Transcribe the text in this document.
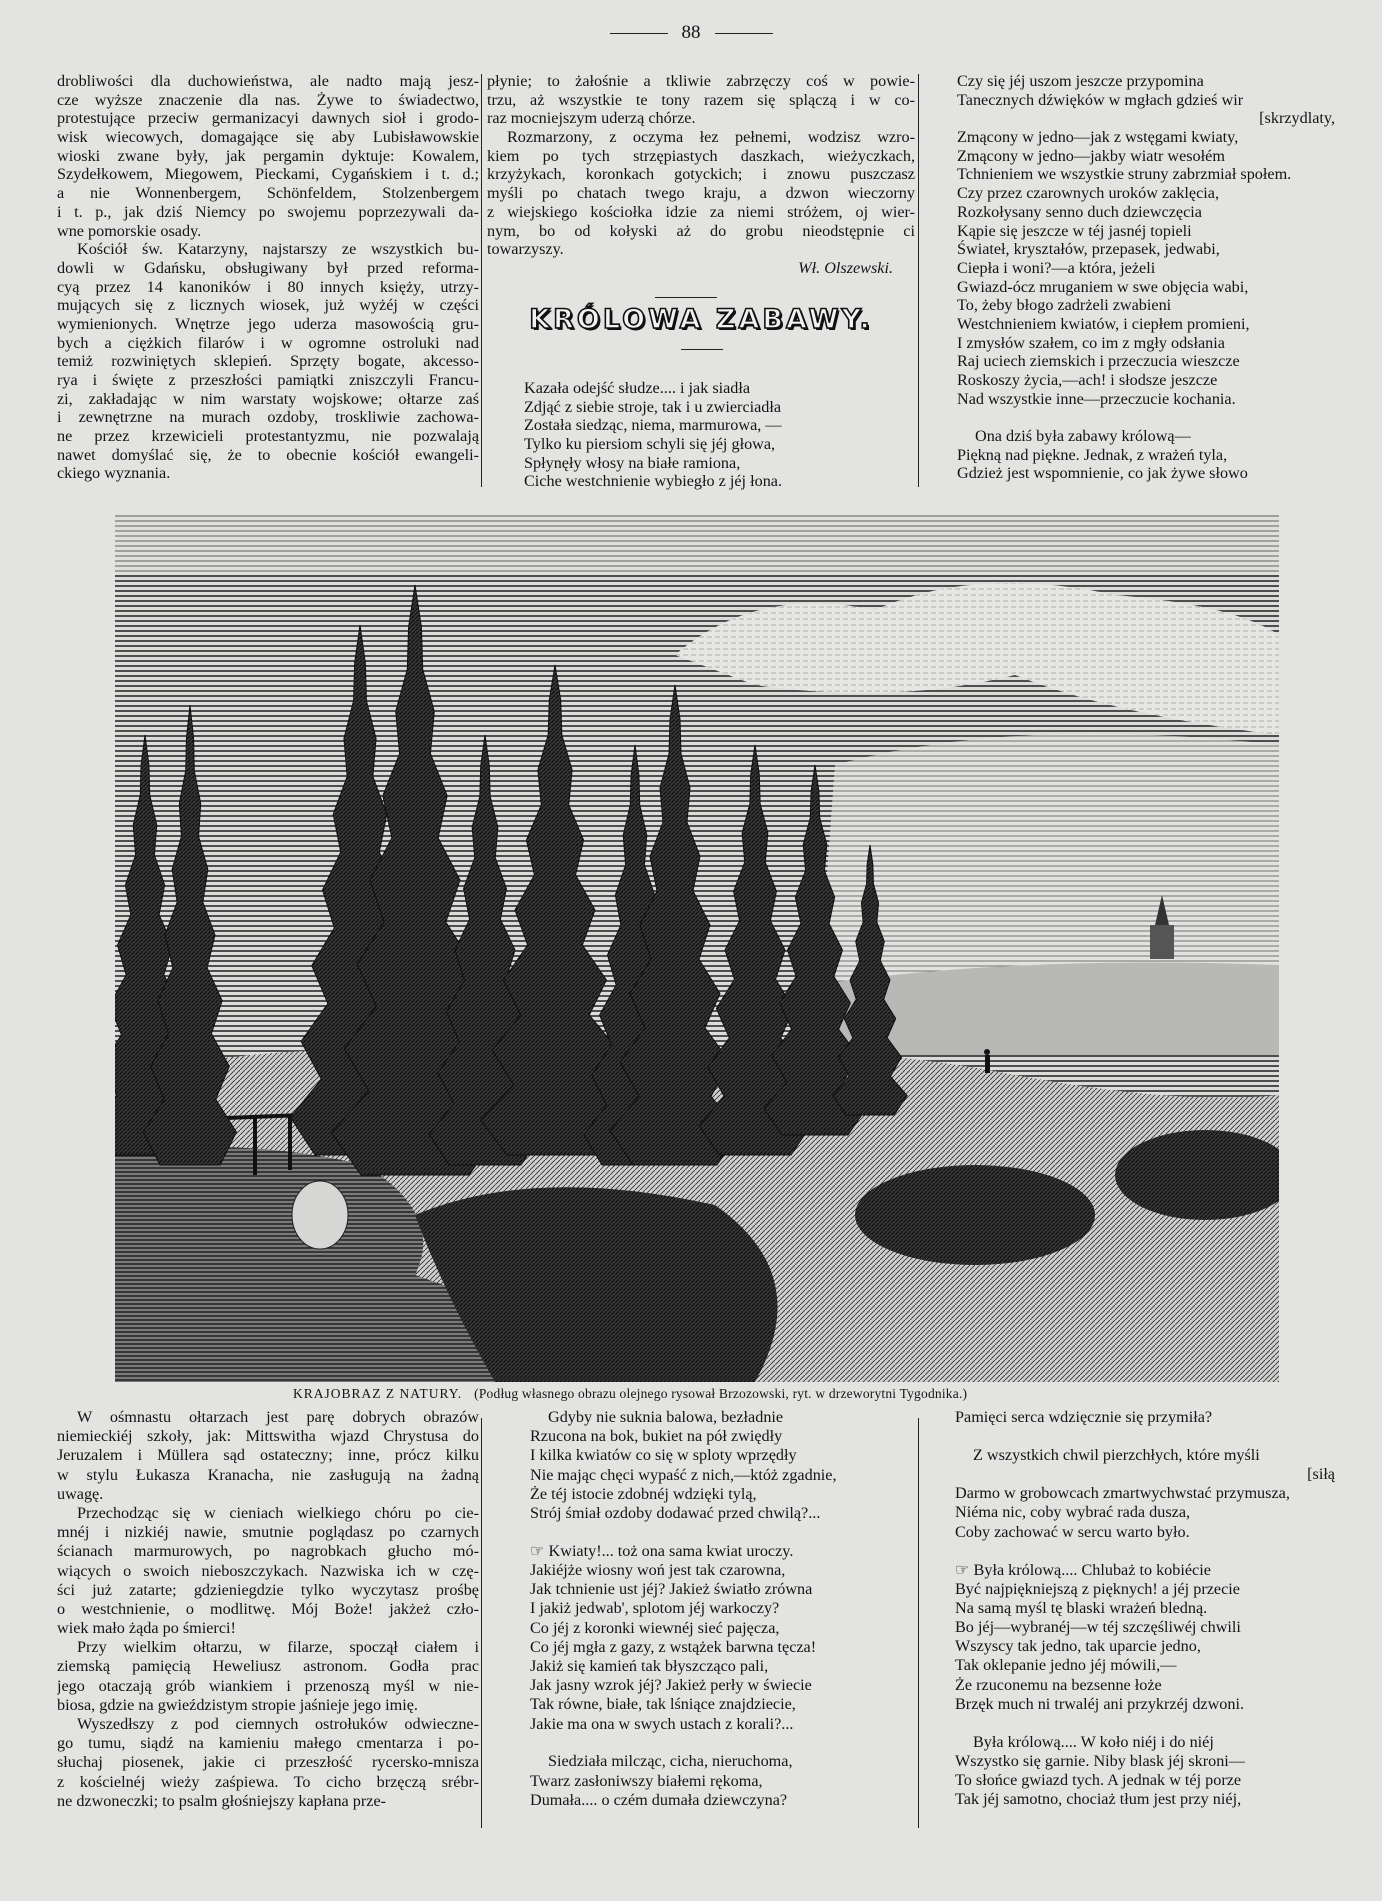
88
drobliwości dla duchowieństwa, ale nadto mają jesz-
cze wyższe znaczenie dla nas. Żywe to świadectwo,
protestujące przeciw germanizacyi dawnych sioł i grodo-
wisk wiecowych, domagające się aby Lubisławowskie
wioski zwane były, jak pergamin dyktuje: Kowalem,
Szydełkowem, Miegowem, Pieckami, Cygańskiem i t. d.;
a nie Wonnenbergem, Schönfeldem, Stolzenbergem
i t. p., jak dziś Niemcy po swojemu poprzezywali da-
wne pomorskie osady.
Kościół św. Katarzyny, najstarszy ze wszystkich bu-
dowli w Gdańsku, obsługiwany był przed reforma-
cyą przez 14 kanoników i 80 innych księży, utrzy-
mujących się z licznych wiosek, już wyżéj w części
wymienionych. Wnętrze jego uderza masowością gru-
bych a ciężkich filarów i w ogromne ostroluki nad
temiż rozwiniętych sklepień. Sprzęty bogate, akcesso-
rya i święte z przeszłości pamiątki zniszczyli Francu-
zi, zakładając w nim warstaty wojskowe; ołtarze zaś
i zewnętrzne na murach ozdoby, troskliwie zachowa-
ne przez krzewicieli protestantyzmu, nie pozwalają
nawet domyślać się, że to obecnie kościół ewangeli-
ckiego wyznania.
płynie; to żałośnie a tkliwie zabrzęczy coś w powie-
trzu, aż wszystkie te tony razem się splączą i w co-
raz mocniejszym uderzą chórze.
Rozmarzony, z oczyma łez pełnemi, wodzisz wzro-
kiem po tych strzępiastych daszkach, wieżyczkach,
krzyżykach, koronkach gotyckich; i znowu puszczasz
myśli po chatach twego kraju, a dzwon wieczorny
z wiejskiego kościołka idzie za niemi stróżem, oj wier-
nym, bo od kołyski aż do grobu nieodstępnie ci
towarzyszy.
Wł. Olszewski.
KRÓLOWA ZABAWY.
Kazała odejść słudze.... i jak siadła
Zdjąć z siebie stroje, tak i u zwierciadła
Została siedząc, niema, marmurowa, —
Tylko ku piersiom schyli się jéj głowa,
Spłynęły włosy na białe ramiona,
Ciche westchnienie wybiegło z jéj łona.
Czy się jéj uszom jeszcze przypomina
Tanecznych dźwięków w mgłach gdzieś wir
[skrzydlaty,
Zmącony w jedno—jak z wstęgami kwiaty,
Zmącony w jedno—jakby wiatr wesołém
Tchnieniem we wszystkie struny zabrzmiał społem.
Czy przez czarownych uroków zaklęcia,
Rozkołysany senno duch dziewczęcia
Kąpie się jeszcze w téj jasnéj topieli
Świateł, kryształów, przepasek, jedwabi,
Ciepła i woni?—a która, jeżeli
Gwiazd-ócz mruganiem w swe objęcia wabi,
To, żeby błogo zadrżeli zwabieni
Westchnieniem kwiatów, i ciepłem promieni,
I zmysłów szałem, co im z mgły odsłania
Raj uciech ziemskich i przeczucia wieszcze
Roskoszy życia,—ach! i słodsze jeszcze
Nad wszystkie inne—przeczucie kochania.
Ona dziś była zabawy królową—
Piękną nad piękne. Jednak, z wrażeń tyla,
Gdzież jest wspomnienie, co jak żywe słowo
KRAJOBRAZ Z NATURY. (Podług własnego obrazu olejnego rysował Brzozowski, ryt. w drzeworytni Tygodnika.)
W ośmnastu ołtarzach jest parę dobrych obrazów
niemieckiéj szkoły, jak: Mittswitha wjazd Chrystusa do
Jeruzalem i Müllera sąd ostateczny; inne, prócz kilku
w stylu Łukasza Kranacha, nie zasługują na żadną
uwagę.
Przechodząc się w cieniach wielkiego chóru po cie-
mnéj i nizkiéj nawie, smutnie poglądasz po czarnych
ścianach marmurowych, po nagrobkach głucho mó-
wiących o swoich nieboszczykach. Nazwiska ich w czę-
ści już zatarte; gdzieniegdzie tylko wyczytasz prośbę
o westchnienie, o modlitwę. Mój Boże! jakżeż czło-
wiek mało żąda po śmierci!
Przy wielkim ołtarzu, w filarze, spoczął ciałem i
ziemską pamięcią Heweliusz astronom. Godła prac
jego otaczają grób wiankiem i przenoszą myśl w nie-
biosa, gdzie na gwieździstym stropie jaśnieje jego imię.
Wyszedłszy z pod ciemnych ostrołuków odwieczne-
go tumu, siądź na kamieniu małego cmentarza i po-
słuchaj piosenek, jakie ci przeszłość rycersko-mnisza
z kościelnéj wieży zaśpiewa. To cicho brzęczą srébr-
ne dzwoneczki; to psalm głośniejszy kapłana prze-
Gdyby nie suknia balowa, bezładnie
Rzucona na bok, bukiet na pół zwiędły
I kilka kwiatów co się w sploty wprzędły
Nie mając chęci wypaść z nich,—któż zgadnie,
Że téj istocie zdobnéj wdzięki tylą,
Strój śmiał ozdoby dodawać przed chwilą?...
☞ Kwiaty!... toż ona sama kwiat uroczy.
Jakiéjże wiosny woń jest tak czarowna,
Jak tchnienie ust jéj? Jakież światło zrówna
I jakiż jedwab', splotom jéj warkoczy?
Co jéj z koronki wiewnéj sieć pajęcza,
Co jéj mgła z gazy, z wstążek barwna tęcza!
Jakiż się kamień tak błyszcząco pali,
Jak jasny wzrok jéj? Jakież perły w świecie
Tak równe, białe, tak lśniące znajdziecie,
Jakie ma ona w swych ustach z korali?...
Siedziała milcząc, cicha, nieruchoma,
Twarz zasłoniwszy białemi rękoma,
Dumała.... o czém dumała dziewczyna?
Pamięci serca wdzięcznie się przymiła?
Z wszystkich chwil pierzchłych, które myśli
[siłą
Darmo w grobowcach zmartwychwstać przymusza,
Niéma nic, coby wybrać rada dusza,
Coby zachować w sercu warto było.
☞ Była królową.... Chlubaż to kobiécie
Być najpiękniejszą z pięknych! a jéj przecie
Na samą myśl tę blaski wrażeń bledną.
Bo jéj—wybranéj—w téj szczęśliwéj chwili
Wszyscy tak jedno, tak uparcie jedno,
Tak oklepanie jedno jéj mówili,—
Że rzuconemu na bezsenne łoże
Brzęk much ni trwaléj ani przykrzéj dzwoni.
Była królową.... W koło niéj i do niéj
Wszystko się garnie. Niby blask jéj skroni—
To słońce gwiazd tych. A jednak w téj porze
Tak jéj samotno, chociaż tłum jest przy niéj,
